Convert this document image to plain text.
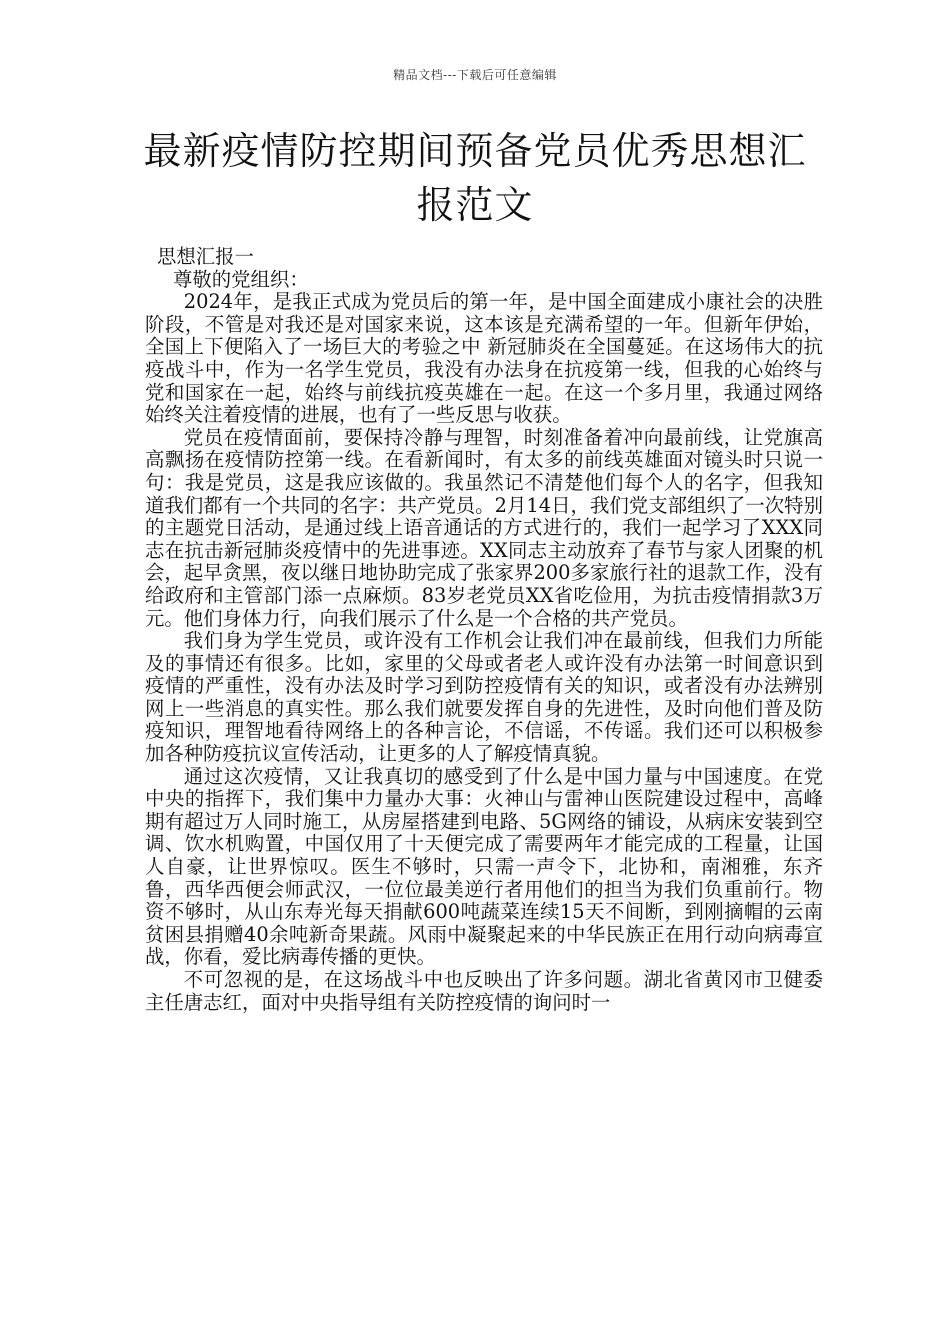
精品文档---下载后可任意编辑
最新疫情防控期间预备党员优秀思想汇报范文

思想汇报一

尊敬的党组织：

2024年，是我正式成为党员后的第一年，是中国全面建成小康社会的决胜阶段，不管是对我还是对国家来说，这本该是充满希望的一年。但新年伊始，全国上下便陷入了一场巨大的考验之中 新冠肺炎在全国蔓延。在这场伟大的抗疫战斗中，作为一名学生党员，我没有办法身在抗疫第一线，但我的心始终与党和国家在一起，始终与前线抗疫英雄在一起。在这一个多月里，我通过网络始终关注着疫情的进展，也有了一些反思与收获。

党员在疫情面前，要保持冷静与理智，时刻准备着冲向最前线，让党旗高高飘扬在疫情防控第一线。在看新闻时，有太多的前线英雄面对镜头时只说一句：我是党员，这是我应该做的。我虽然记不清楚他们每个人的名字，但我知道我们都有一个共同的名字：共产党员。2月14日，我们党支部组织了一次特别的主题党日活动，是通过线上语音通话的方式进行的，我们一起学习了XXX同志在抗击新冠肺炎疫情中的先进事迹。XX同志主动放弃了春节与家人团聚的机会，起早贪黑，夜以继日地协助完成了张家界200多家旅行社的退款工作，没有给政府和主管部门添一点麻烦。83岁老党员XX省吃俭用，为抗击疫情捐款3万元。他们身体力行，向我们展示了什么是一个合格的共产党员。

我们身为学生党员，或许没有工作机会让我们冲在最前线，但我们力所能及的事情还有很多。比如，家里的父母或者老人或许没有办法第一时间意识到疫情的严重性，没有办法及时学习到防控疫情有关的知识，或者没有办法辨别网上一些消息的真实性。那么我们就要发挥自身的先进性，及时向他们普及防疫知识，理智地看待网络上的各种言论，不信谣，不传谣。我们还可以积极参加各种防疫抗议宣传活动，让更多的人了解疫情真貌。

通过这次疫情，又让我真切的感受到了什么是中国力量与中国速度。在党中央的指挥下，我们集中力量办大事：火神山与雷神山医院建设过程中，高峰期有超过万人同时施工，从房屋搭建到电路、5G网络的铺设，从病床安装到空调、饮水机购置，中国仅用了十天便完成了需要两年才能完成的工程量，让国人自豪，让世界惊叹。医生不够时，只需一声令下，北协和，南湘雅，东齐鲁，西华西便会师武汉，一位位最美逆行者用他们的担当为我们负重前行。物资不够时，从山东寿光每天捐献600吨蔬菜连续15天不间断，到刚摘帽的云南贫困县捐赠40余吨新奇果蔬。风雨中凝聚起来的中华民族正在用行动向病毒宣战，你看，爱比病毒传播的更快。

不可忽视的是，在这场战斗中也反映出了许多问题。湖北省黄冈市卫健委主任唐志红，面对中央指导组有关防控疫情的询问时一
